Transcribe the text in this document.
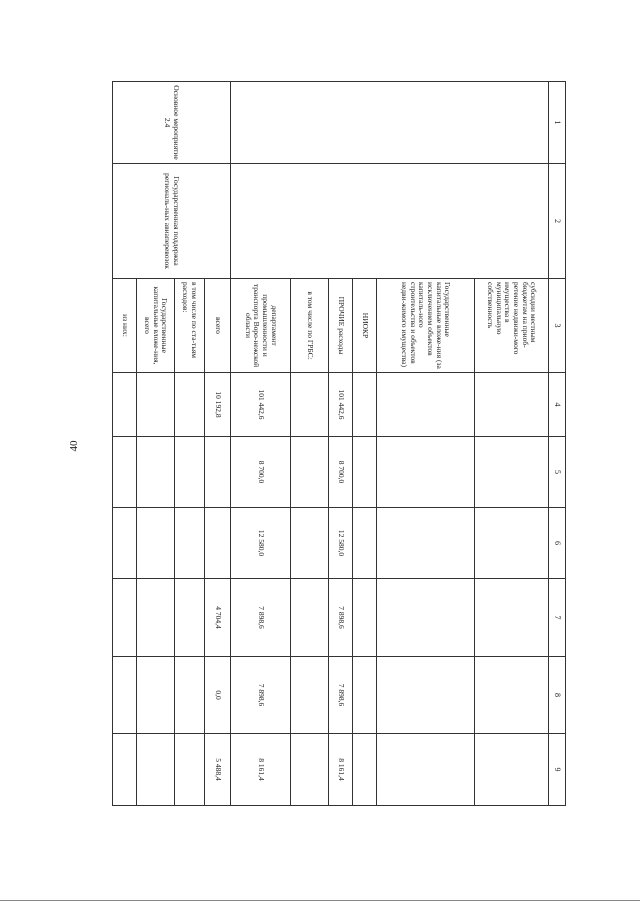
40
1	2	3	4	5	6	7	8	9
		субсидии местным бюджетам на приоб-ретение недвижи-мого имущества в муниципальную собственность						
		Государственные капитальные вложе-ния (за исключением объектов капиталь-ного строительства и объектов недви-жимого имущества)						
		НИОКР						
		ПРОЧИЕ расходы	101 442,6	8 700,0	12 580,0	7 898,6	7 898,6	8 161,4
		в том числе по ГРБС:						
		департамент промышленности и транспорта Воро-нежской области	101 442,6	8 700,0	12 580,0	7 898,6	7 898,6	8 161,4
Основное мероприятие 2.4	Государственная поддержка региональ-ных авиаперевозок	всего	10 192,8			4 704,4	0,0	5 488,4
		в том числе по ста-тьям расходов:						
		Государственные капитальные вложе-ния, всего						
		из них:						
